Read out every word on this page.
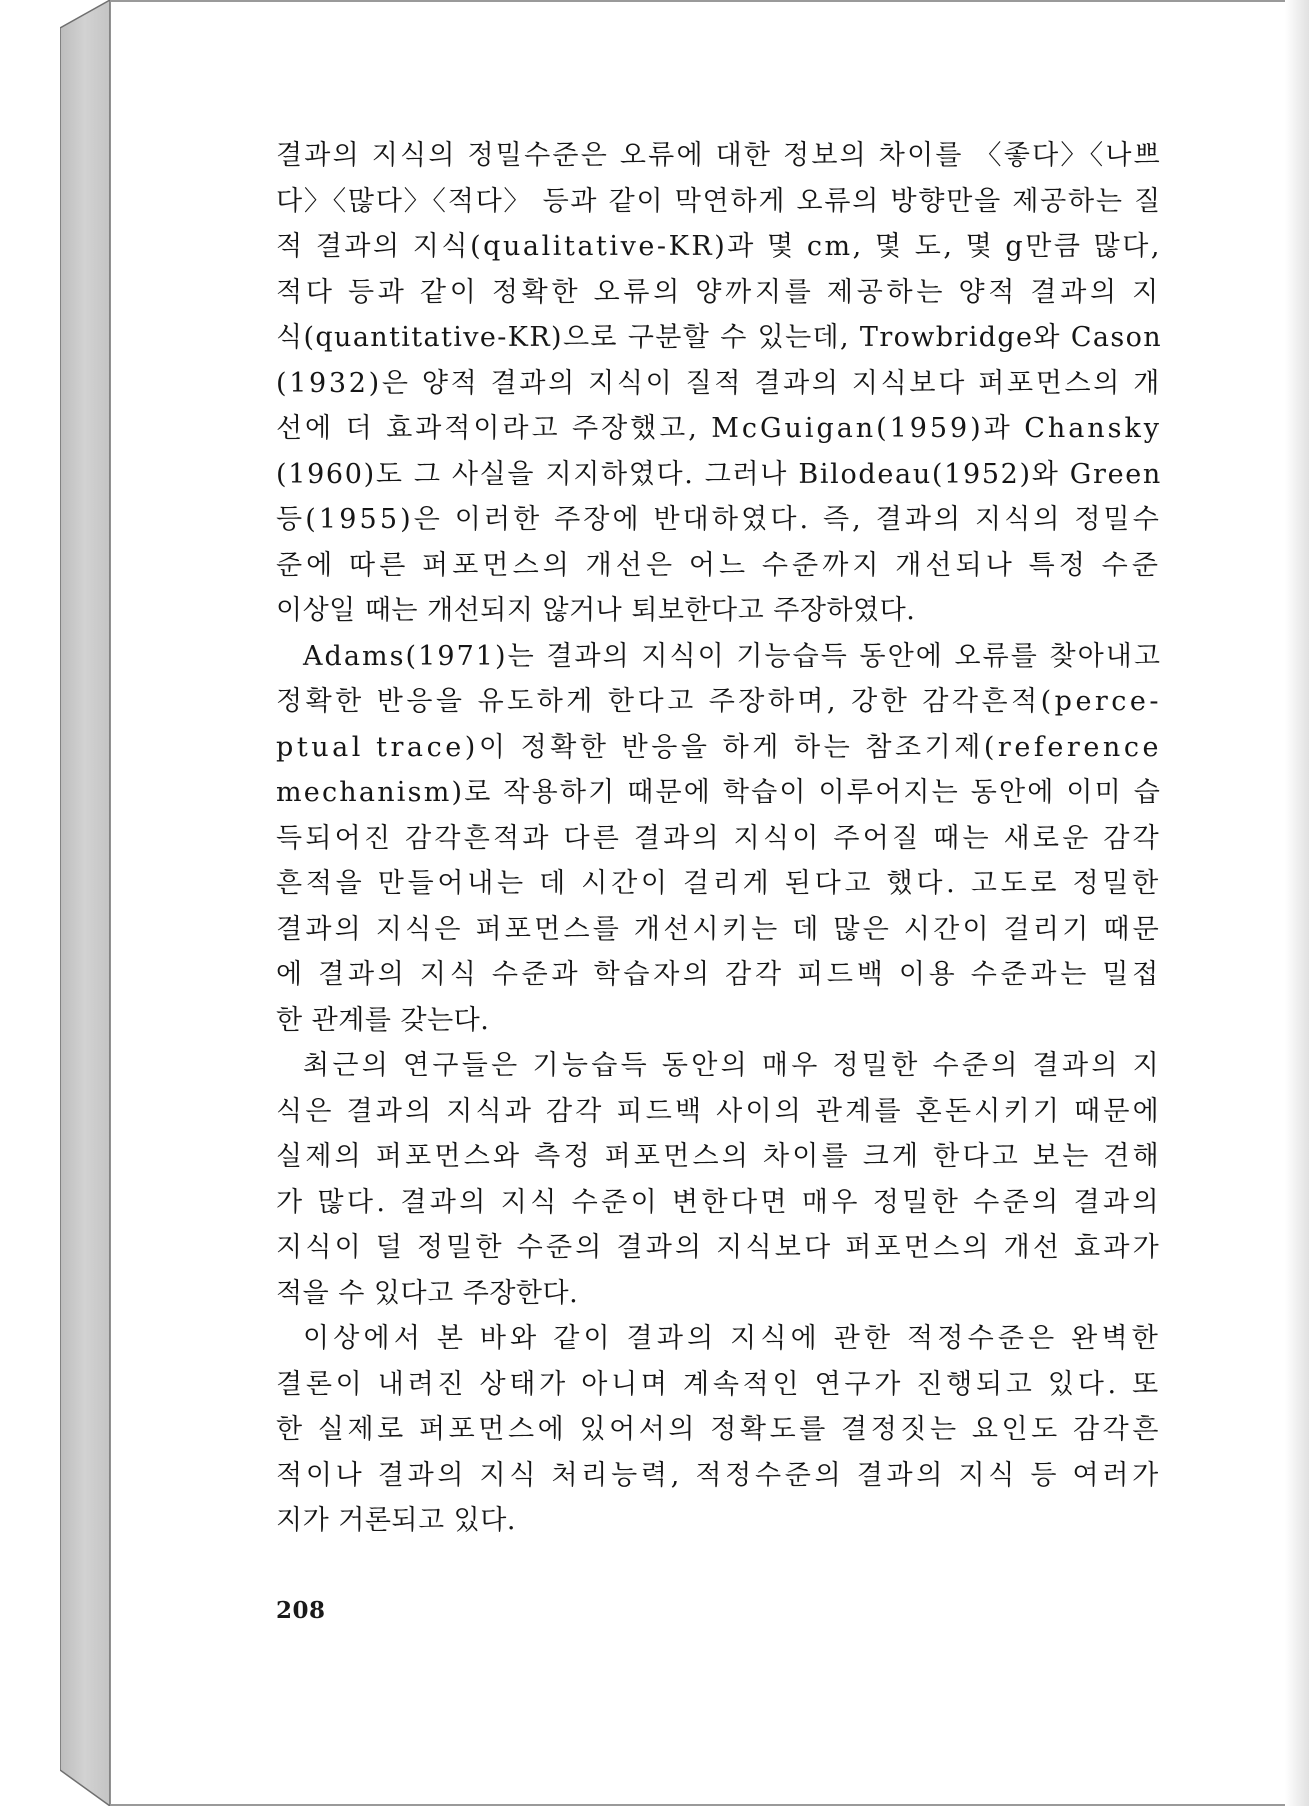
결과의 지식의 정밀수준은 오류에 대한 정보의 차이를 〈좋다〉〈나쁘
다〉〈많다〉〈적다〉 등과 같이 막연하게 오류의 방향만을 제공하는 질
적 결과의 지식(qualitative-KR)과 몇 cm, 몇 도, 몇 g만큼 많다,
적다 등과 같이 정확한 오류의 양까지를 제공하는 양적 결과의 지
식(quantitative-KR)으로 구분할 수 있는데, Trowbridge와 Cason
(1932)은 양적 결과의 지식이 질적 결과의 지식보다 퍼포먼스의 개
선에 더 효과적이라고 주장했고, McGuigan(1959)과 Chansky
(1960)도 그 사실을 지지하였다. 그러나 Bilodeau(1952)와 Green
등(1955)은 이러한 주장에 반대하였다. 즉, 결과의 지식의 정밀수
준에 따른 퍼포먼스의 개선은 어느 수준까지 개선되나 특정 수준
이상일 때는 개선되지 않거나 퇴보한다고 주장하였다.
Adams(1971)는 결과의 지식이 기능습득 동안에 오류를 찾아내고
정확한 반응을 유도하게 한다고 주장하며, 강한 감각흔적(perce-
ptual trace)이 정확한 반응을 하게 하는 참조기제(reference
mechanism)로 작용하기 때문에 학습이 이루어지는 동안에 이미 습
득되어진 감각흔적과 다른 결과의 지식이 주어질 때는 새로운 감각
흔적을 만들어내는 데 시간이 걸리게 된다고 했다. 고도로 정밀한
결과의 지식은 퍼포먼스를 개선시키는 데 많은 시간이 걸리기 때문
에 결과의 지식 수준과 학습자의 감각 피드백 이용 수준과는 밀접
한 관계를 갖는다.
최근의 연구들은 기능습득 동안의 매우 정밀한 수준의 결과의 지
식은 결과의 지식과 감각 피드백 사이의 관계를 혼돈시키기 때문에
실제의 퍼포먼스와 측정 퍼포먼스의 차이를 크게 한다고 보는 견해
가 많다. 결과의 지식 수준이 변한다면 매우 정밀한 수준의 결과의
지식이 덜 정밀한 수준의 결과의 지식보다 퍼포먼스의 개선 효과가
적을 수 있다고 주장한다.
이상에서 본 바와 같이 결과의 지식에 관한 적정수준은 완벽한
결론이 내려진 상태가 아니며 계속적인 연구가 진행되고 있다. 또
한 실제로 퍼포먼스에 있어서의 정확도를 결정짓는 요인도 감각흔
적이나 결과의 지식 처리능력, 적정수준의 결과의 지식 등 여러가
지가 거론되고 있다.
208
